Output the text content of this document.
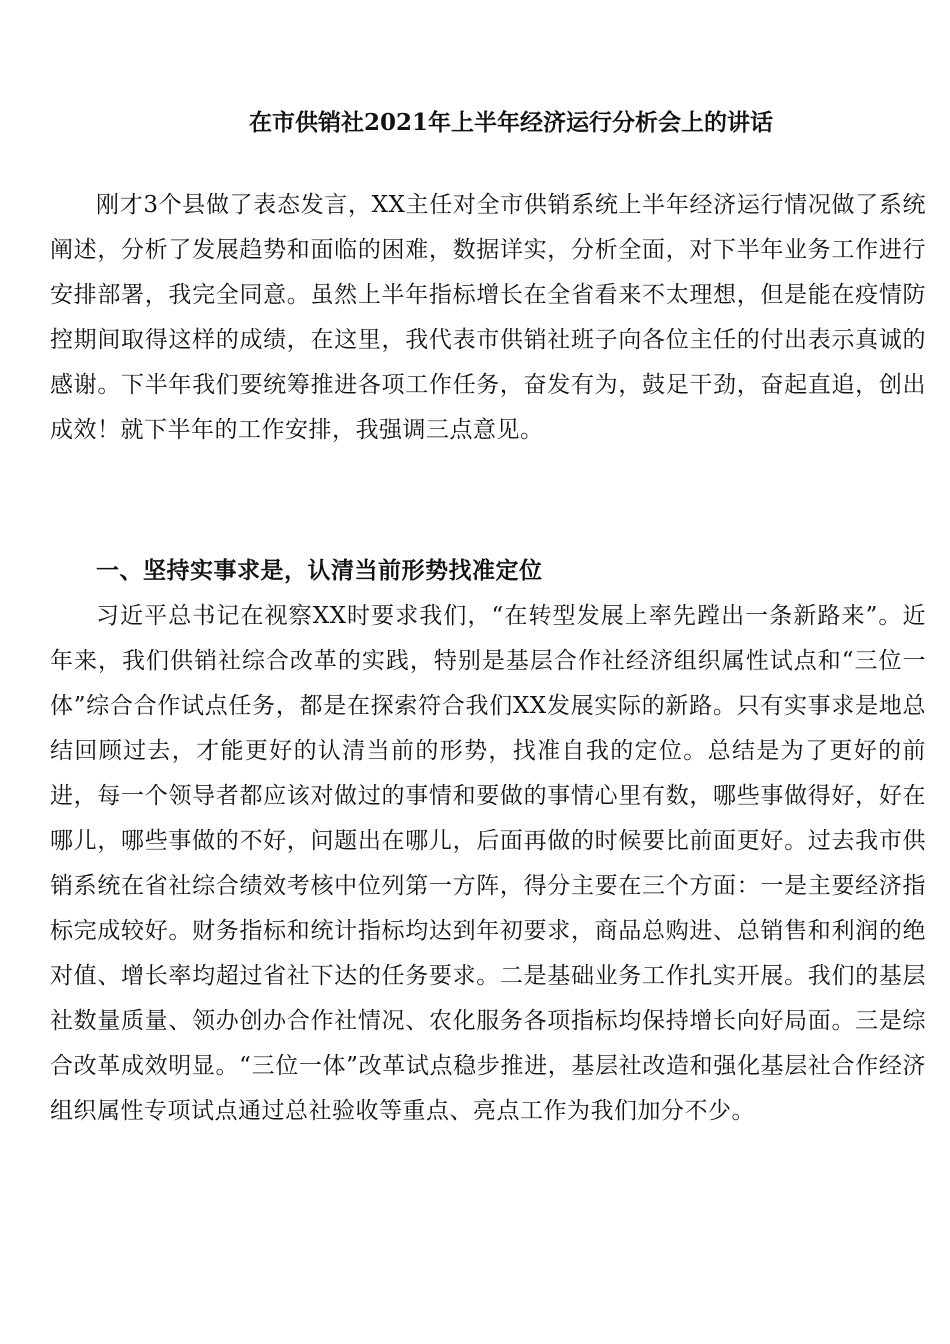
在市供销社2021年上半年经济运行分析会上的讲话

刚才3个县做了表态发言，XX主任对全市供销系统上半年经济运行情况做了系统阐述，分析了发展趋势和面临的困难，数据详实，分析全面，对下半年业务工作进行安排部署，我完全同意。虽然上半年指标增长在全省看来不太理想，但是能在疫情防控期间取得这样的成绩，在这里，我代表市供销社班子向各位主任的付出表示真诚的感谢。下半年我们要统筹推进各项工作任务，奋发有为，鼓足干劲，奋起直追，创出成效！就下半年的工作安排，我强调三点意见。

一、坚持实事求是，认清当前形势找准定位

习近平总书记在视察XX时要求我们，“在转型发展上率先蹚出一条新路来”。近年来，我们供销社综合改革的实践，特别是基层合作社经济组织属性试点和“三位一体”综合合作试点任务，都是在探索符合我们XX发展实际的新路。只有实事求是地总结回顾过去，才能更好的认清当前的形势，找准自我的定位。总结是为了更好的前进，每一个领导者都应该对做过的事情和要做的事情心里有数，哪些事做得好，好在哪儿，哪些事做的不好，问题出在哪儿，后面再做的时候要比前面更好。过去我市供销系统在省社综合绩效考核中位列第一方阵，得分主要在三个方面：一是主要经济指标完成较好。财务指标和统计指标均达到年初要求，商品总购进、总销售和利润的绝对值、增长率均超过省社下达的任务要求。二是基础业务工作扎实开展。我们的基层社数量质量、领办创办合作社情况、农化服务各项指标均保持增长向好局面。三是综合改革成效明显。“三位一体”改革试点稳步推进，基层社改造和强化基层社合作经济组织属性专项试点通过总社验收等重点、亮点工作为我们加分不少。
